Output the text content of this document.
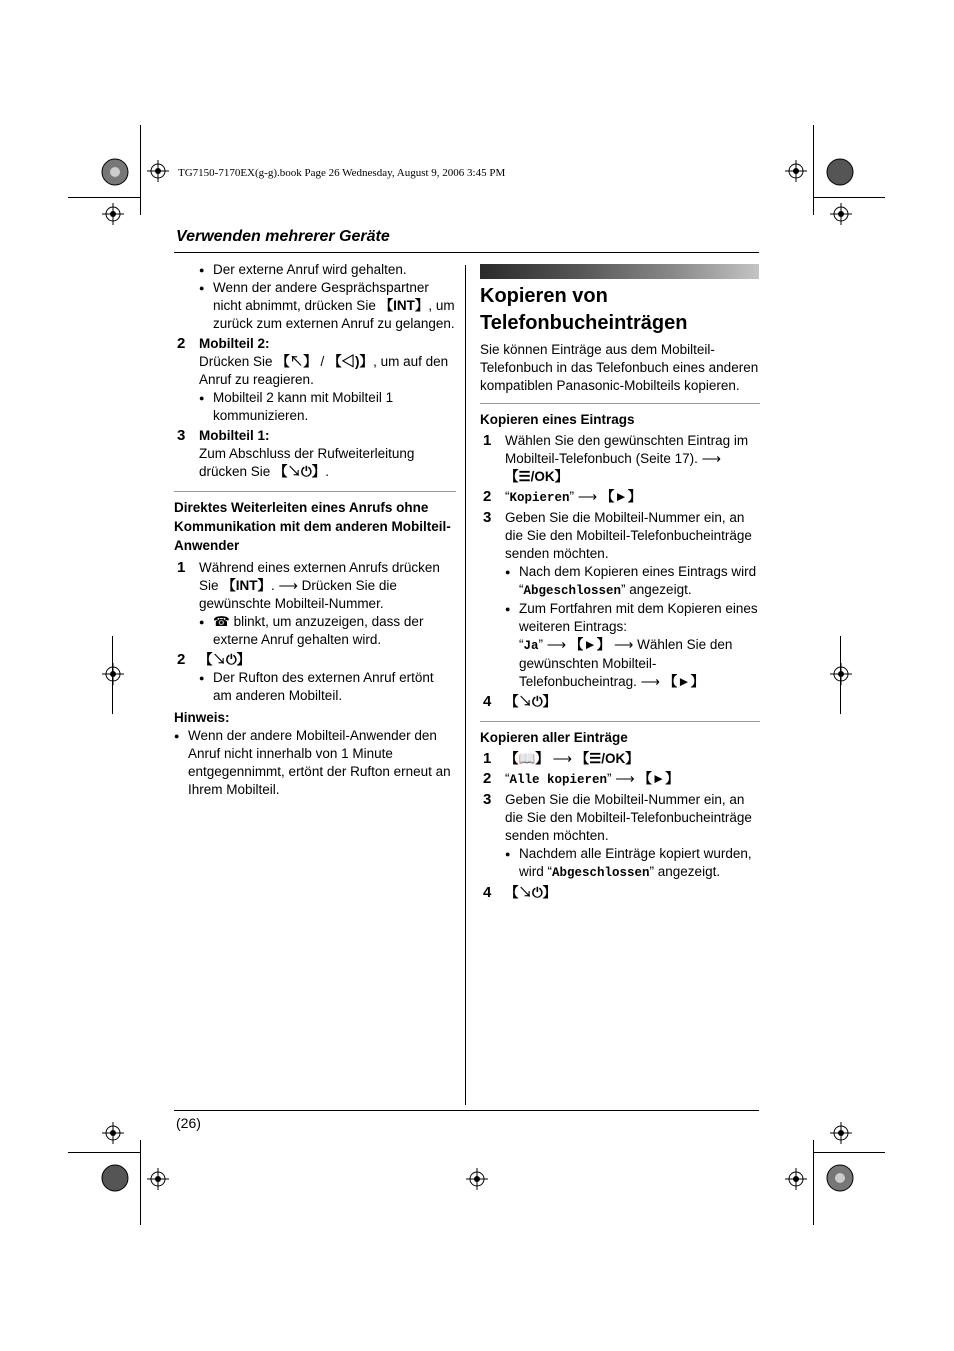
TG7150-7170EX(g-g).book Page 26 Wednesday, August 9, 2006 3:45 PM
Verwenden mehrerer Geräte
● Der externe Anruf wird gehalten.
● Wenn der andere Gesprächspartner nicht abnimmt, drücken Sie 【INT】, um zurück zum externen Anruf zu gelangen.
2 Mobilteil 2:
Drücken Sie 【↖】 / 【◁)】, um auf den Anruf zu reagieren.
● Mobilteil 2 kann mit Mobilteil 1 kommunizieren.
3 Mobilteil 1:
Zum Abschluss der Rufweiterleitung drücken Sie 【↘⏻】.
Direktes Weiterleiten eines Anrufs ohne Kommunikation mit dem anderen Mobilteil-Anwender
1 Während eines externen Anrufs drücken Sie 【INT】. ⟶ Drücken Sie die gewünschte Mobilteil-Nummer.
● ☎ blinkt, um anzuzeigen, dass der externe Anruf gehalten wird.
2 【↘⏻】
● Der Rufton des externen Anruf ertönt am anderen Mobilteil.
Hinweis:
● Wenn der andere Mobilteil-Anwender den Anruf nicht innerhalb von 1 Minute entgegennimmt, ertönt der Rufton erneut an Ihrem Mobilteil.
Kopieren von Telefonbucheinträgen
Sie können Einträge aus dem Mobilteil-Telefonbuch in das Telefonbuch eines anderen kompatiblen Panasonic-Mobilteils kopieren.
Kopieren eines Eintrags
1 Wählen Sie den gewünschten Eintrag im Mobilteil-Telefonbuch (Seite 17). ⟶ 【☰/OK】
2 “Kopieren” ⟶ 【►】
3 Geben Sie die Mobilteil-Nummer ein, an die Sie den Mobilteil-Telefonbucheinträge senden möchten.
● Nach dem Kopieren eines Eintrags wird “Abgeschlossen” angezeigt.
● Zum Fortfahren mit dem Kopieren eines weiteren Eintrags:
“Ja” ⟶ 【►】 ⟶ Wählen Sie den gewünschten Mobilteil-Telefonbucheintrag. ⟶ 【►】
4 【↘⏻】
Kopieren aller Einträge
1 【📖】 ⟶ 【☰/OK】
2 “Alle kopieren” ⟶ 【►】
3 Geben Sie die Mobilteil-Nummer ein, an die Sie den Mobilteil-Telefonbucheinträge senden möchten.
● Nachdem alle Einträge kopiert wurden, wird “Abgeschlossen” angezeigt.
4 【↘⏻】
(26)
